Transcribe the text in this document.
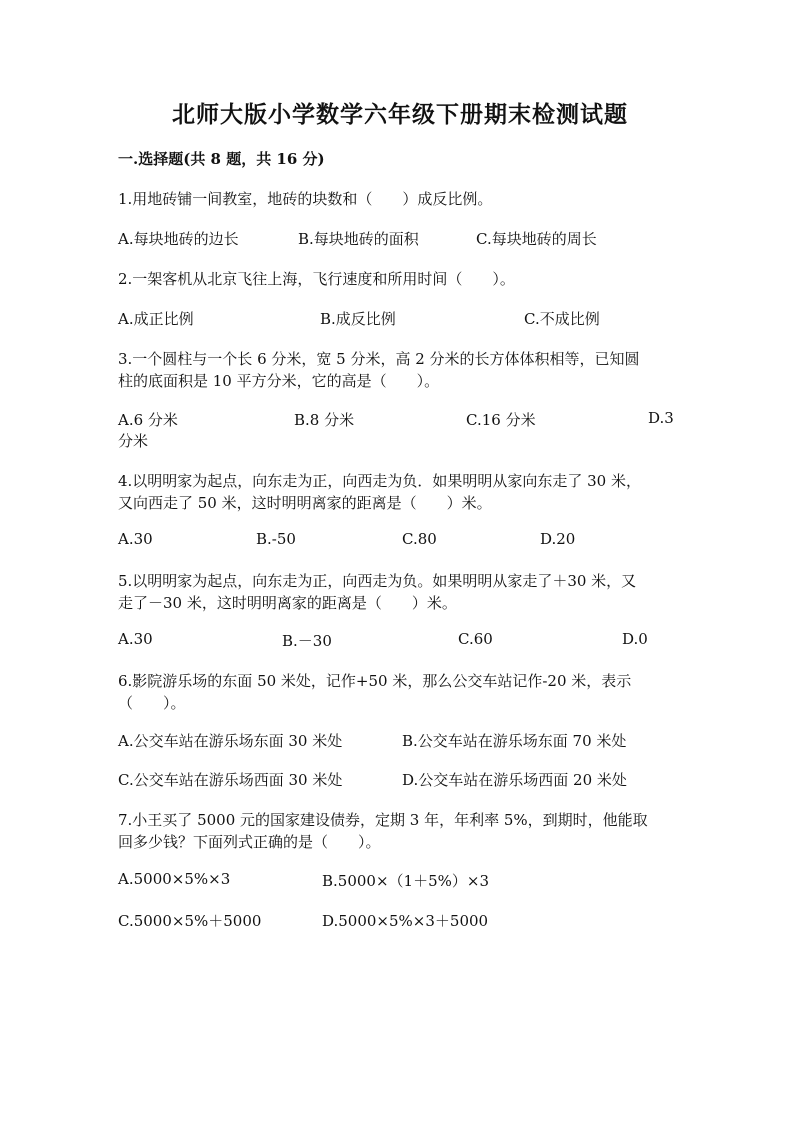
北师大版小学数学六年级下册期末检测试题
一.选择题(共 8 题，共 16 分)
1.用地砖铺一间教室，地砖的块数和（　　）成反比例。
A.每块地砖的边长	B.每块地砖的面积	C.每块地砖的周长
2.一架客机从北京飞往上海，飞行速度和所用时间（　　）。
A.成正比例	B.成反比例	C.不成比例
3.一个圆柱与一个长 6 分米，宽 5 分米，高 2 分米的长方体体积相等，已知圆
柱的底面积是 10 平方分米，它的高是（　　）。
A.6 分米	B.8 分米	C.16 分米	D.3
分米
4.以明明家为起点，向东走为正，向西走为负．如果明明从家向东走了 30 米，
又向西走了 50 米，这时明明离家的距离是（　　）米。
A.30	B.-50	C.80	D.20
5.以明明家为起点，向东走为正，向西走为负。如果明明从家走了＋30 米，又
走了－30 米，这时明明离家的距离是（　　）米。
A.30	B.－30	C.60	D.0
6.影院游乐场的东面 50 米处，记作+50 米，那么公交车站记作-20 米，表示
（　　）。
A.公交车站在游乐场东面 30 米处	B.公交车站在游乐场东面 70 米处
C.公交车站在游乐场西面 30 米处	D.公交车站在游乐场西面 20 米处
7.小王买了 5000 元的国家建设债券，定期 3 年，年利率 5%，到期时，他能取
回多少钱？下面列式正确的是（　　）。
A.5000×5%×3	B.5000×（1＋5%）×3
C.5000×5%＋5000	D.5000×5%×3＋5000
